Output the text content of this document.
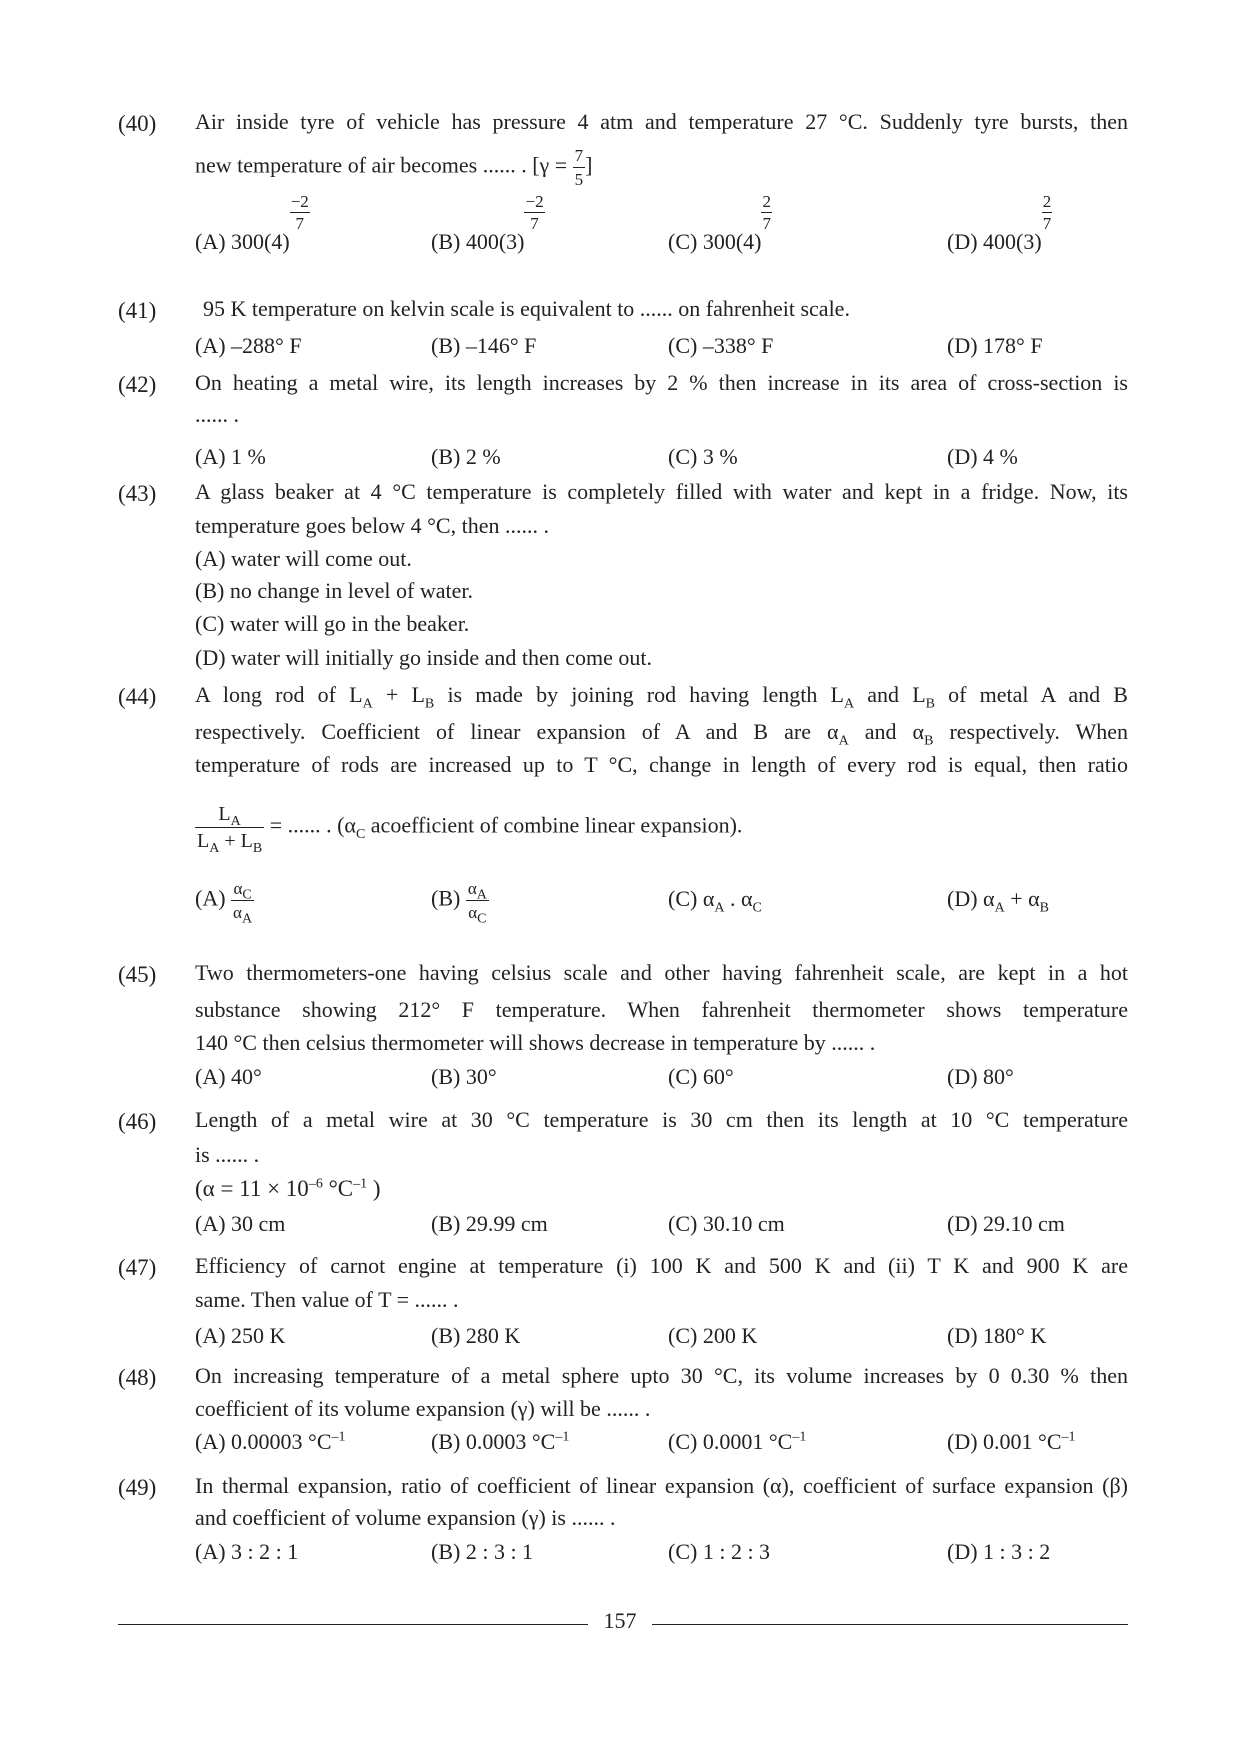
(40)	Air inside tyre of vehicle has pressure 4 atm and temperature 27 °C. Suddenly tyre bursts, then
new temperature of air becomes ...... . [$\gamma = \frac{7}{5}$ ]
(A) 300(4)
−2
7
(B) 400(3)
−2
7
(C) 300(4)
2
7
(D) 400(3)
2
7
(41)	95 K temperature on kelvin scale is equivalent to ...... on fahrenheit scale.
(A) –288° F	(B) –146° F	(C) –338° F	(D) 178° F
(42)	On heating a metal wire, its length increases by 2 % then increase in its area of cross-section is
...... .
(A) 1 %	(B) 2 %	(C) 3 %	(D) 4 %
(43)	A glass beaker at 4 °C temperature is completely filled with water and kept in a fridge. Now, its
temperature goes below 4 °C, then ...... .
(A) water will come out.
(B) no change in level of water.
(C) water will go in the beaker.
(D) water will initially go inside and then come out.
(44)	A long rod of $L_A + L_B$ is made by joining rod having length $L_A$ and $L_B$ of metal A and B
respectively. Coefficient of linear expansion of A and B are $\alpha_A$ and $\alpha_B$ respectively. When
temperature of rods are increased up to T °C, change in length of every rod is equal, then ratio
$\frac{L_A}{L_A + L_B}$ = ...... . ($\alpha_C$ acoefficient of combine linear expansion).
$(A) \frac{\alpha_C}{\alpha_A}$	$(B) \frac{\alpha_A}{\alpha_C}$	(C) $\alpha_A$ . $\alpha_C$	(D) $\alpha_A + \alpha_B$
(45)	Two thermometers-one having celsius scale and other having fahrenheit scale, are kept in a hot
substance showing 212° F temperature. When fahrenheit thermometer shows temperature
140 °C then celsius thermometer will shows decrease in temperature by ...... .
(A) 40°	(B) 30°	(C) 60°	(D) 80°
(46)	Length of a metal wire at 30 °C temperature is 30 cm then its length at 10 °C temperature
is ...... .
($\alpha = 11 \times 10^{-6}$ $^\circ C^{-1}$ )
(A) 30 cm	(B) 29.99 cm	(C) 30.10 cm	(D) 29.10 cm
(47)	Efficiency of carnot engine at temperature (i) 100 K and 500 K and (ii) T K and 900 K are
same. Then value of T = ...... .
(A) 250 K	(B) 280 K	(C) 200 K	(D) 180° K
(48)	On increasing temperature of a metal sphere upto 30 °C, its volume increases by 0 0.30 % then
coefficient of its volume expansion (γ) will be ...... .
(A) 0.00003 $^\circ C^{-1}$	(B) 0.0003 $^\circ C^{-1}$	(C) 0.0001 $^\circ C^{-1}$	(D) 0.001 $^\circ C^{-1}$
(49)	In thermal expansion, ratio of coefficient of linear expansion (α), coefficient of surface expansion (β)
and coefficient of volume expansion (γ) is ...... .
(A) 3 : 2 : 1	(B) 2 : 3 : 1	(C) 1 : 2 : 3	(D) 1 : 3 : 2
157
